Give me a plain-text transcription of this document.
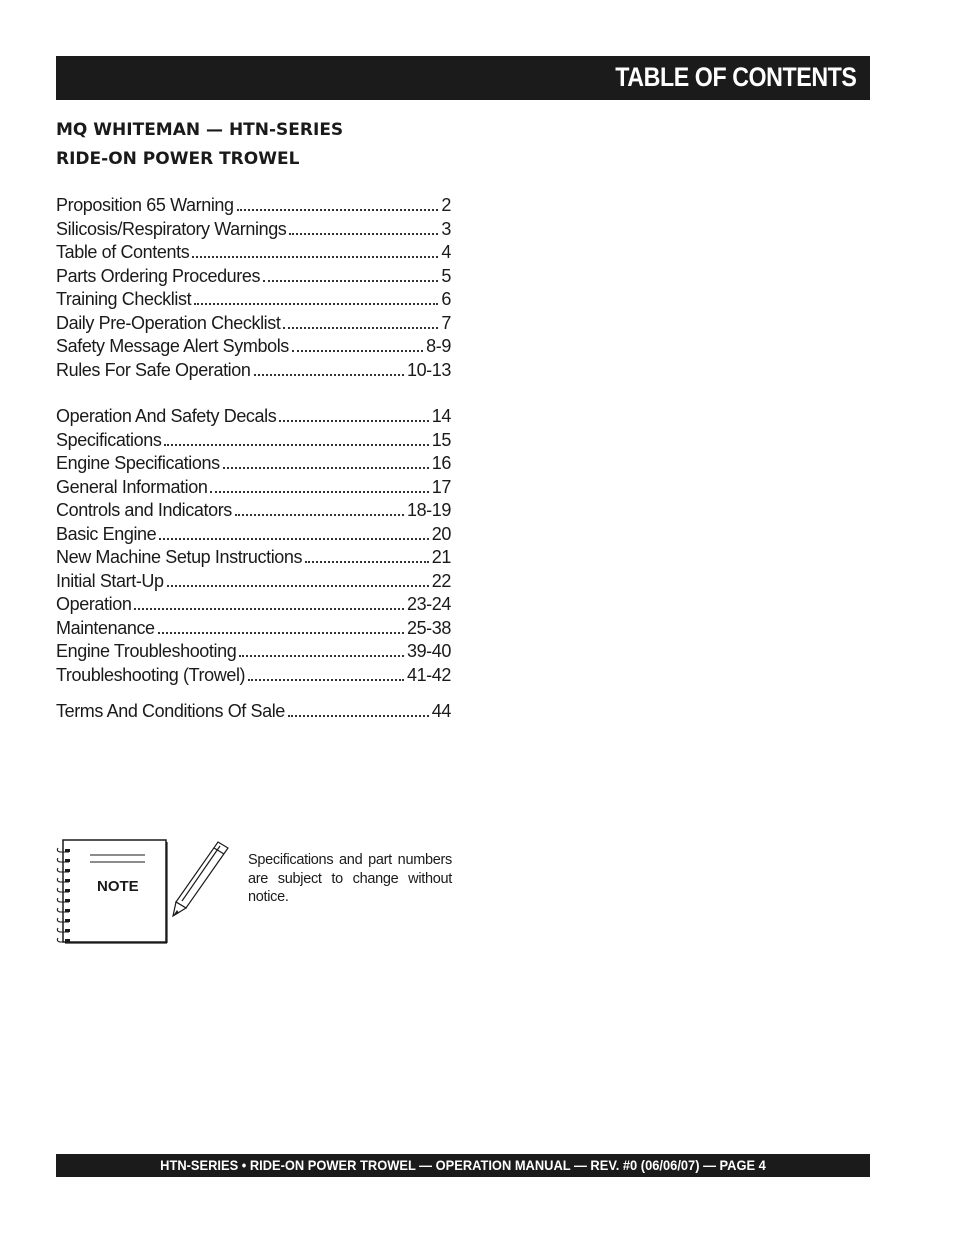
TABLE OF CONTENTS
MQ WHITEMAN — HTN-SERIES
RIDE-ON POWER TROWEL
Proposition 65 Warning	2
Silicosis/Respiratory Warnings	3
Table of Contents	4
Parts Ordering Procedures	5
Training Checklist	6
Daily Pre-Operation Checklist	7
Safety Message Alert Symbols	8-9
Rules For Safe Operation	10-13
Operation And Safety Decals	14
Specifications	15
Engine Specifications	16
General Information	17
Controls and Indicators	18-19
Basic Engine	20
New Machine Setup Instructions	21
Initial Start-Up	22
Operation	23-24
Maintenance	25-38
Engine Troubleshooting	39-40
Troubleshooting (Trowel)	41-42
Terms And Conditions Of Sale	44
NOTE
Specifications and part numbers are subject to change without notice.
HTN-SERIES • RIDE-ON POWER TROWEL — OPERATION MANUAL — REV. #0 (06/06/07) — PAGE 4
